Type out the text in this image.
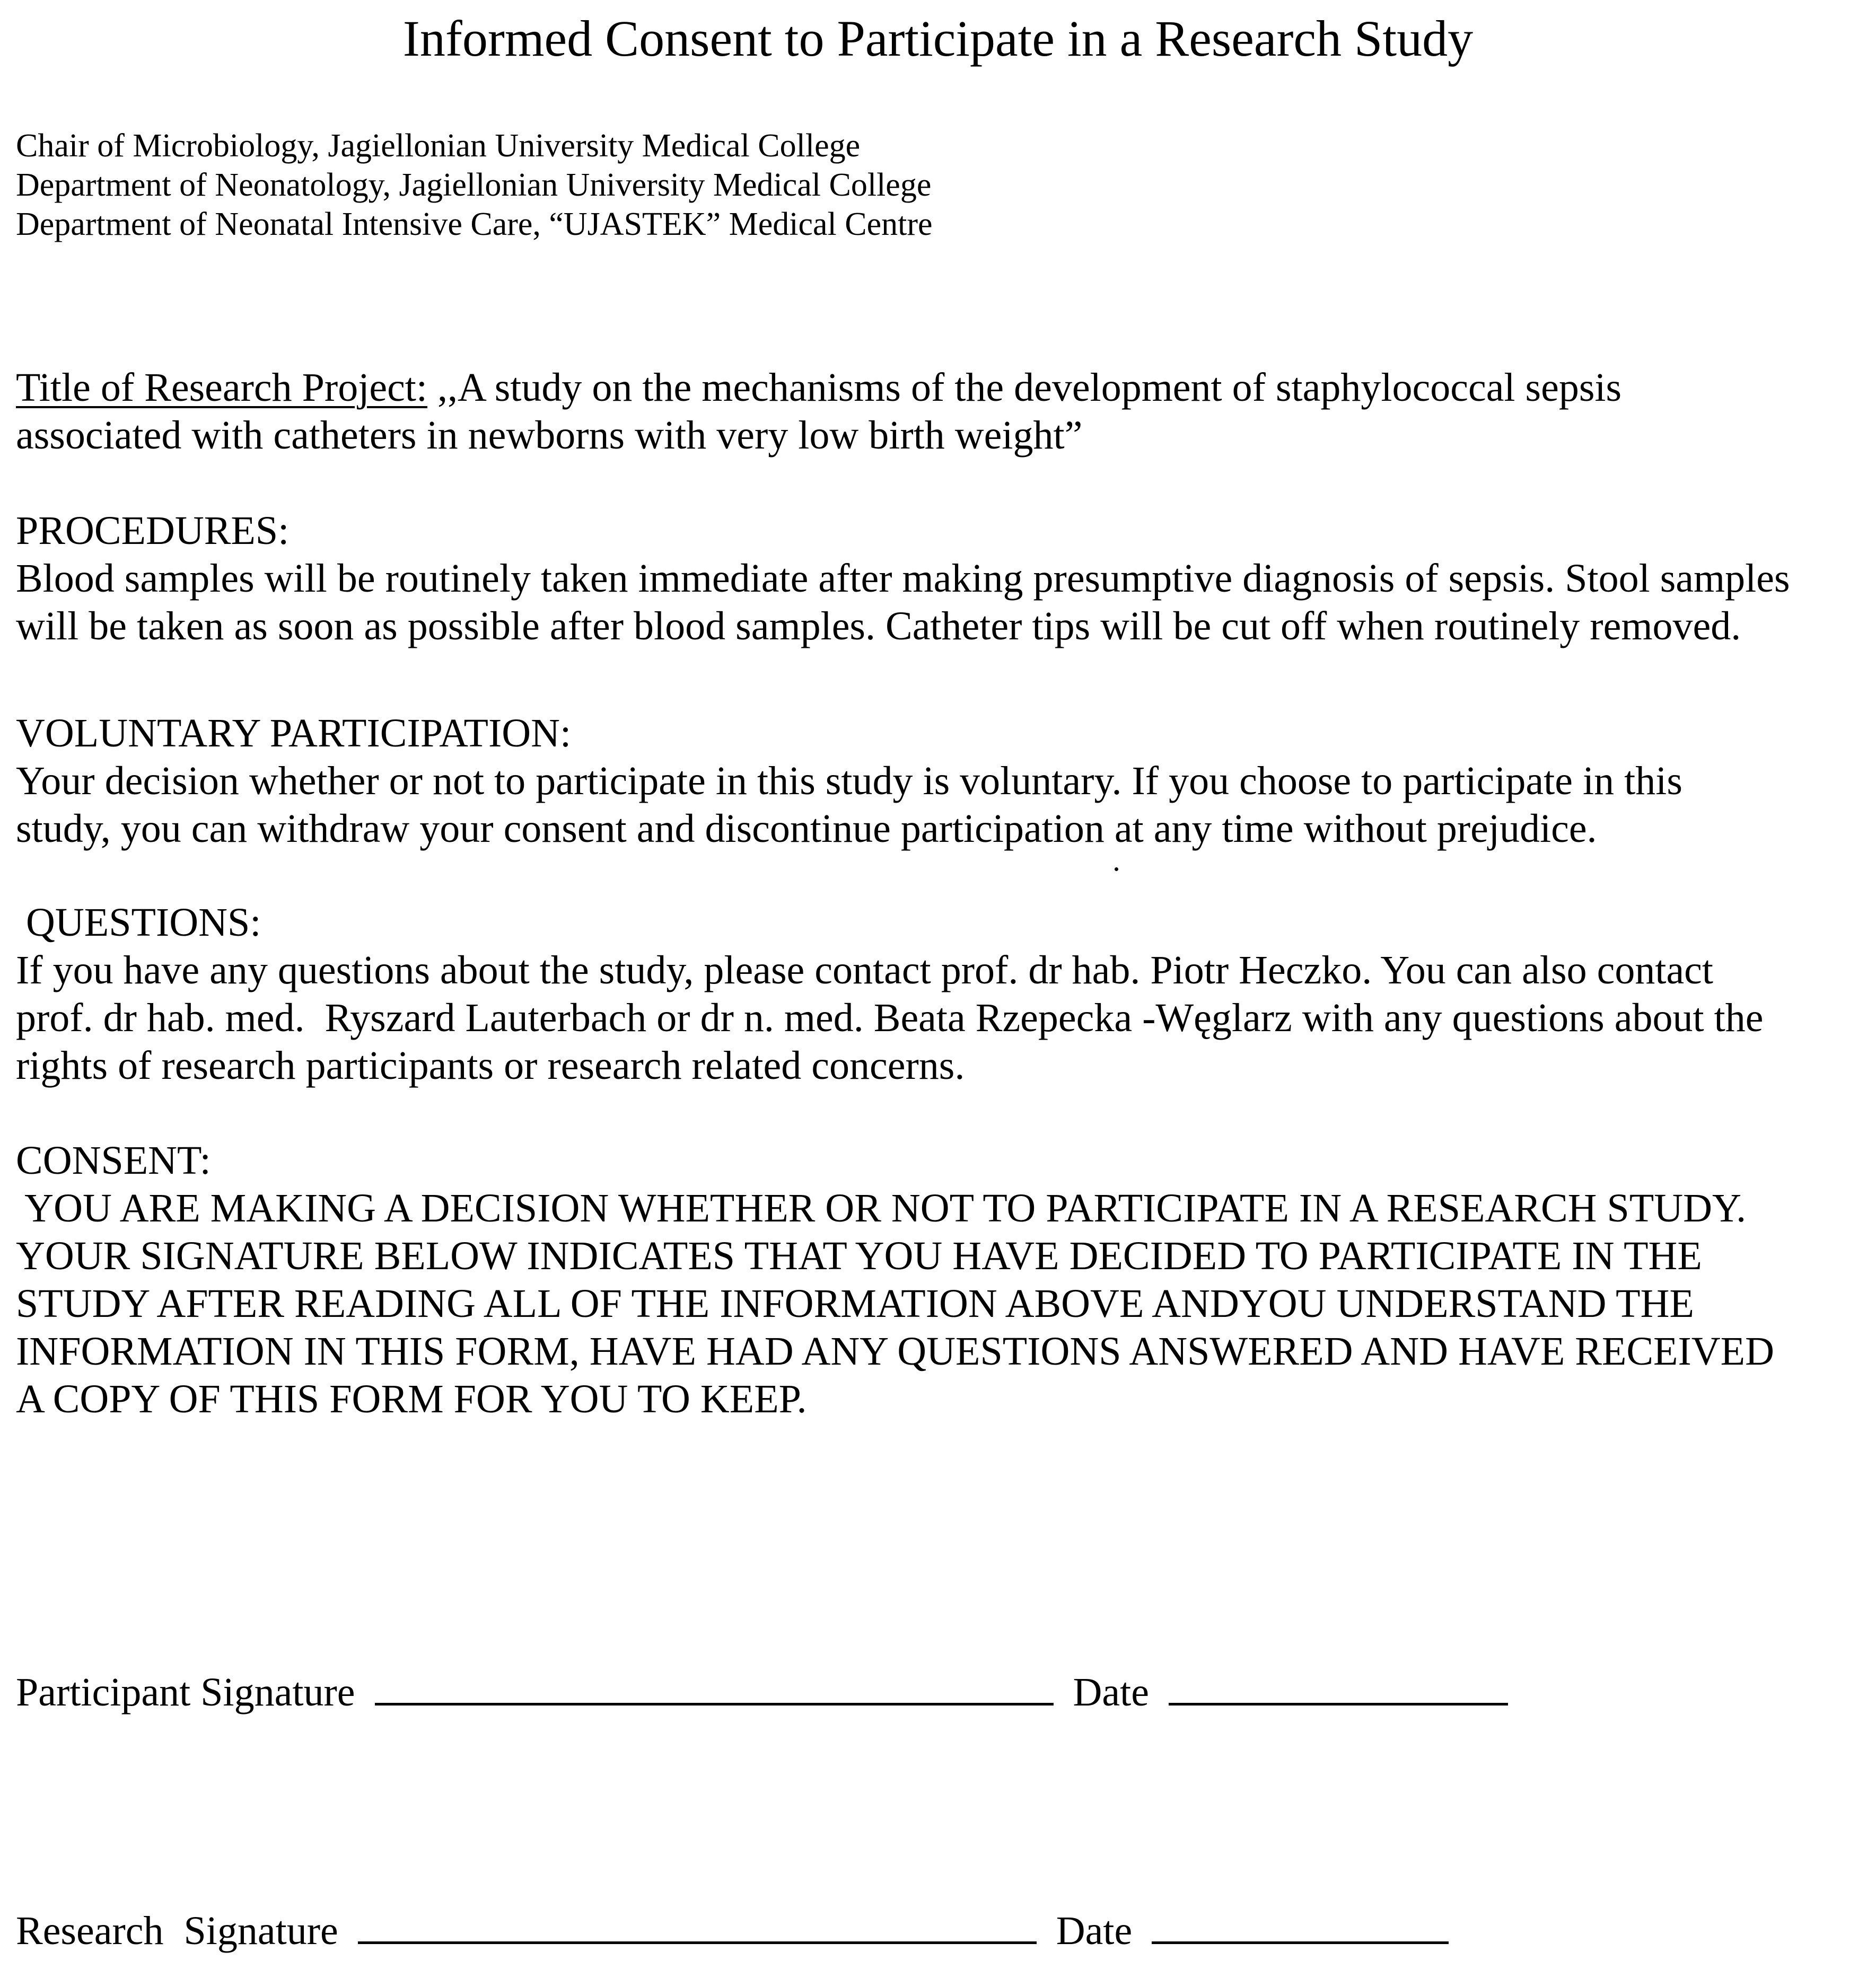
Informed Consent to Participate in a Research Study
Chair of Microbiology, Jagiellonian University Medical College
Department of Neonatology, Jagiellonian University Medical College
Department of Neonatal Intensive Care, “UJASTEK” Medical Centre
Title of Research Project: ,,A study on the mechanisms of the development of staphylococcal sepsis
associated with catheters in newborns with very low birth weight”
PROCEDURES:
Blood samples will be routinely taken immediate after making presumptive diagnosis of sepsis. Stool samples
will be taken as soon as possible after blood samples. Catheter tips will be cut off when routinely removed.
VOLUNTARY PARTICIPATION:
Your decision whether or not to participate in this study is voluntary. If you choose to participate in this
study, you can withdraw your consent and discontinue participation at any time without prejudice.
QUESTIONS:
If you have any questions about the study, please contact prof. dr hab. Piotr Heczko. You can also contact
prof. dr hab. med.  Ryszard Lauterbach or dr n. med. Beata Rzepecka -Węglarz with any questions about the
rights of research participants or research related concerns.
CONSENT:
YOU ARE MAKING A DECISION WHETHER OR NOT TO PARTICIPATE IN A RESEARCH STUDY.
YOUR SIGNATURE BELOW INDICATES THAT YOU HAVE DECIDED TO PARTICIPATE IN THE
STUDY AFTER READING ALL OF THE INFORMATION ABOVE ANDYOU UNDERSTAND THE
INFORMATION IN THIS FORM, HAVE HAD ANY QUESTIONS ANSWERED AND HAVE RECEIVED
A COPY OF THIS FORM FOR YOU TO KEEP.
Participant Signature	Date
Research  Signature	Date
